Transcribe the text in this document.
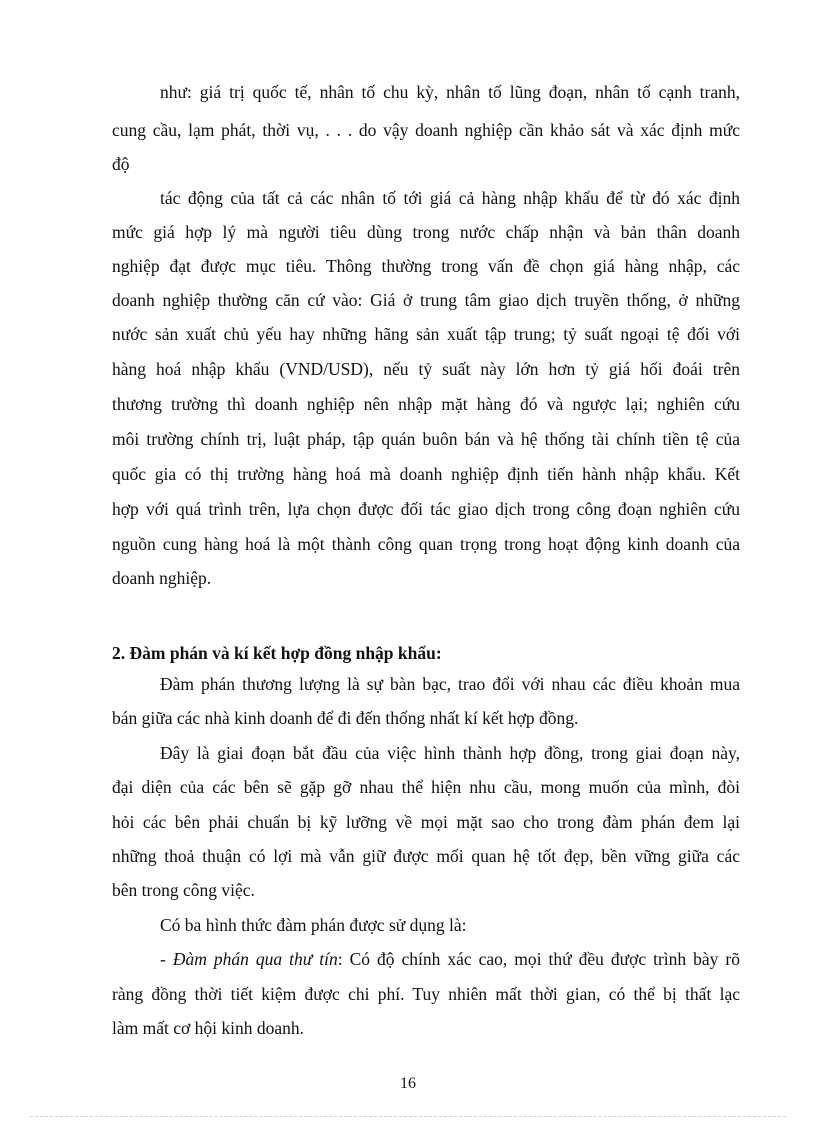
như: giá trị quốc tế, nhân tố chu kỳ, nhân tố lũng đoạn, nhân tố cạnh tranh,
cung cầu, lạm phát, thời vụ, . . . do vậy doanh nghiệp cần khảo sát và xác định mức
độ
tác động của tất cả các nhân tố tới giá cả hàng nhập khẩu để từ đó xác định
mức giá hợp lý mà người tiêu dùng trong nước chấp nhận và bản thân doanh
nghiệp đạt được mục tiêu. Thông thường trong vấn đề chọn giá hàng nhập, các
doanh nghiệp thường căn cứ vào: Giá ở trung tâm giao dịch truyền thống, ở những
nước sản xuất chủ yếu hay những hãng sản xuất tập trung; tỷ suất ngoại tệ đối với
hàng hoá nhập khẩu (VND/USD), nếu tỷ suất này lớn hơn tỷ giá hối đoái trên
thương trường thì doanh nghiệp nên nhập mặt hàng đó và ngược lại; nghiên cứu
môi trường chính trị, luật pháp, tập quán buôn bán và hệ thống tài chính tiền tệ của
quốc gia có thị trường hàng hoá mà doanh nghiệp định tiến hành nhập khẩu. Kết
hợp với quá trình trên, lựa chọn được đối tác giao dịch trong công đoạn nghiên cứu
nguồn cung hàng hoá là một thành công quan trọng trong hoạt động kinh doanh của
doanh nghiệp.
2. Đàm phán và kí kết hợp đồng nhập khẩu:
Đàm phán thương lượng là sự bàn bạc, trao đổi với nhau các điều khoản mua
bán giữa các nhà kinh doanh để đi đến thống nhất kí kết hợp đồng.
Đây là giai đoạn bắt đầu của việc hình thành hợp đồng, trong giai đoạn này,
đại diện của các bên sẽ gặp gỡ nhau thể hiện nhu cầu, mong muốn của mình, đòi
hỏi các bên phải chuẩn bị kỹ lưỡng về mọi mặt sao cho trong đàm phán đem lại
những thoả thuận có lợi mà vẫn giữ được mối quan hệ tốt đẹp, bền vững giữa các
bên trong công việc.
Có ba hình thức đàm phán được sử dụng là:
- Đàm phán qua thư tín: Có độ chính xác cao, mọi thứ đều được trình bày rõ
ràng đồng thời tiết kiệm được chi phí. Tuy nhiên mất thời gian, có thể bị thất lạc
làm mất cơ hội kinh doanh.
16
